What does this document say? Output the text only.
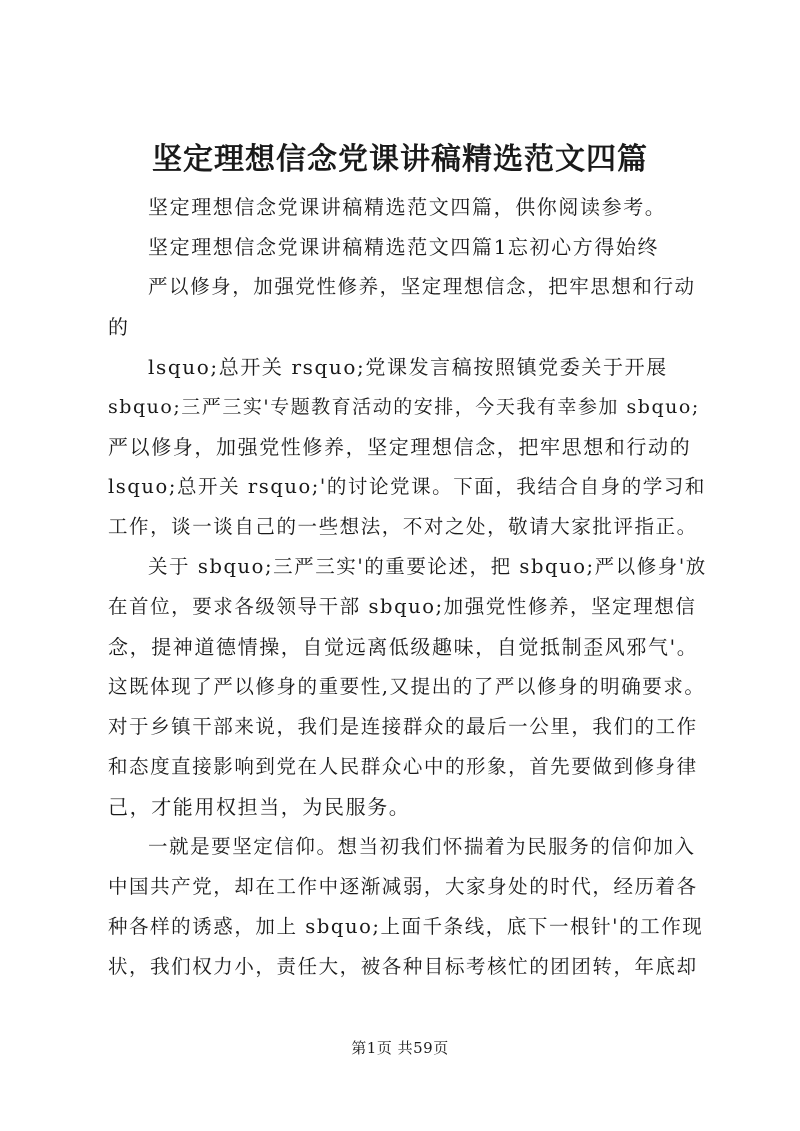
坚定理想信念党课讲稿精选范文四篇
坚定理想信念党课讲稿精选范文四篇，供你阅读参考。
坚定理想信念党课讲稿精选范文四篇1忘初心方得始终
严以修身，加强党性修养，坚定理想信念，把牢思想和行动
的
lsquo;总开关 rsquo;党课发言稿按照镇党委关于开展
sbquo;三严三实'专题教育活动的安排，今天我有幸参加 sbquo;
严以修身，加强党性修养，坚定理想信念，把牢思想和行动的
lsquo;总开关 rsquo;'的讨论党课。下面，我结合自身的学习和
工作，谈一谈自己的一些想法，不对之处，敬请大家批评指正。
关于 sbquo;三严三实'的重要论述，把 sbquo;严以修身'放
在首位，要求各级领导干部 sbquo;加强党性修养，坚定理想信
念，提神道德情操，自觉远离低级趣味，自觉抵制歪风邪气'。
这既体现了严以修身的重要性,又提出的了严以修身的明确要求。
对于乡镇干部来说，我们是连接群众的最后一公里，我们的工作
和态度直接影响到党在人民群众心中的形象，首先要做到修身律
己，才能用权担当，为民服务。
一就是要坚定信仰。想当初我们怀揣着为民服务的信仰加入
中国共产党，却在工作中逐渐减弱，大家身处的时代，经历着各
种各样的诱惑，加上 sbquo;上面千条线，底下一根针'的工作现
状，我们权力小，责任大，被各种目标考核忙的团团转，年底却
第1页 共59页
